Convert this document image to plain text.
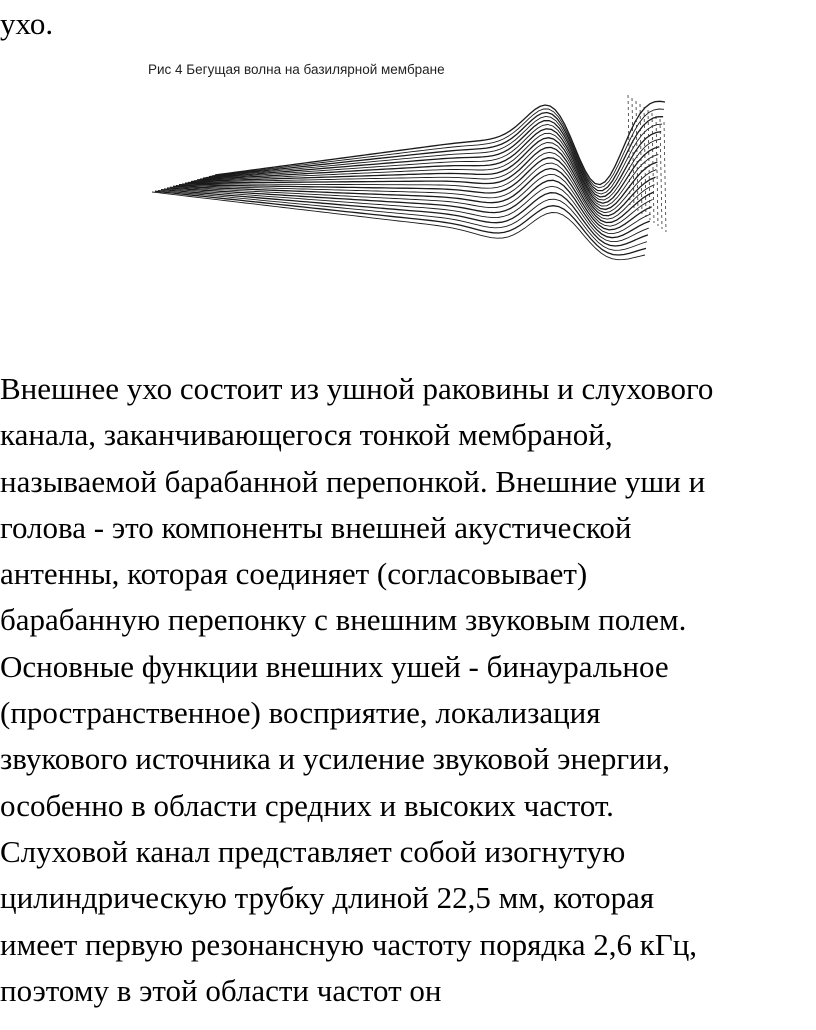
ухо.

Рис 4 Бегущая волна на базилярной мембране

Внешнее ухо состоит из ушной раковины и слухового
канала, заканчивающегося тонкой мембраной,
называемой барабанной перепонкой. Внешние уши и
голова - это компоненты внешней акустической
антенны, которая соединяет (согласовывает)
барабанную перепонку с внешним звуковым полем.
Основные функции внешних ушей - бинауральное
(пространственное) восприятие, локализация
звукового источника и усиление звуковой энергии,
особенно в области средних и высоких частот.
Слуховой канал представляет собой изогнутую
цилиндрическую трубку длиной 22,5 мм, которая
имеет первую резонансную частоту порядка 2,6 кГц,
поэтому в этой области частот он
